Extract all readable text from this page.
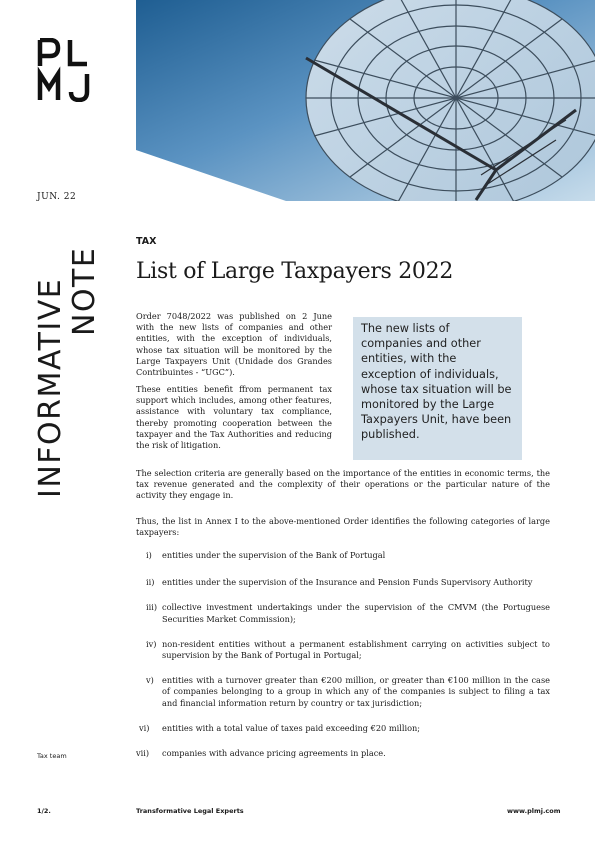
JUN. 22
INFORMATIVE NOTE
TAX
List of Large Taxpayers 2022

Order 7048/2022 was published on 2 June with the new lists of companies and other entities, with the exception of individuals, whose tax situation will be monitored by the Large Taxpayers Unit (Unidade dos Grandes Contribuintes - “UGC”).

These entities benefit ffrom permanent tax support which includes, among other features, assistance with voluntary tax compliance, thereby promoting cooperation between the taxpayer and the Tax Authorities and reducing the risk of litigation.

The new lists of companies and other entities, with the exception of individuals, whose tax situation will be monitored by the Large Taxpayers Unit, have been published.

The selection criteria are generally based on the importance of the entities in economic terms, the tax revenue generated and the complexity of their operations or the particular nature of the activity they engage in.

Thus, the list in Annex I to the above-mentioned Order identifies the following categories of large taxpayers:

i) entities under the supervision of the Bank of Portugal
ii) entities under the supervision of the Insurance and Pension Funds Supervisory Authority
iii) collective investment undertakings under the supervision of the CMVM (the Portuguese Securities Market Commission);
iv) non-resident entities without a permanent establishment carrying on activities subject to supervision by the Bank of Portugal in Portugal;
v) entities with a turnover greater than €200 million, or greater than €100 million in the case of companies belonging to a group in which any of the companies is subject to filing a tax and financial information return by country or tax jurisdiction;
vi) entities with a total value of taxes paid exceeding €20 million;
vii) companies with advance pricing agreements in place.
Tax team
1/2.	Transformative Legal Experts	www.plmj.com
